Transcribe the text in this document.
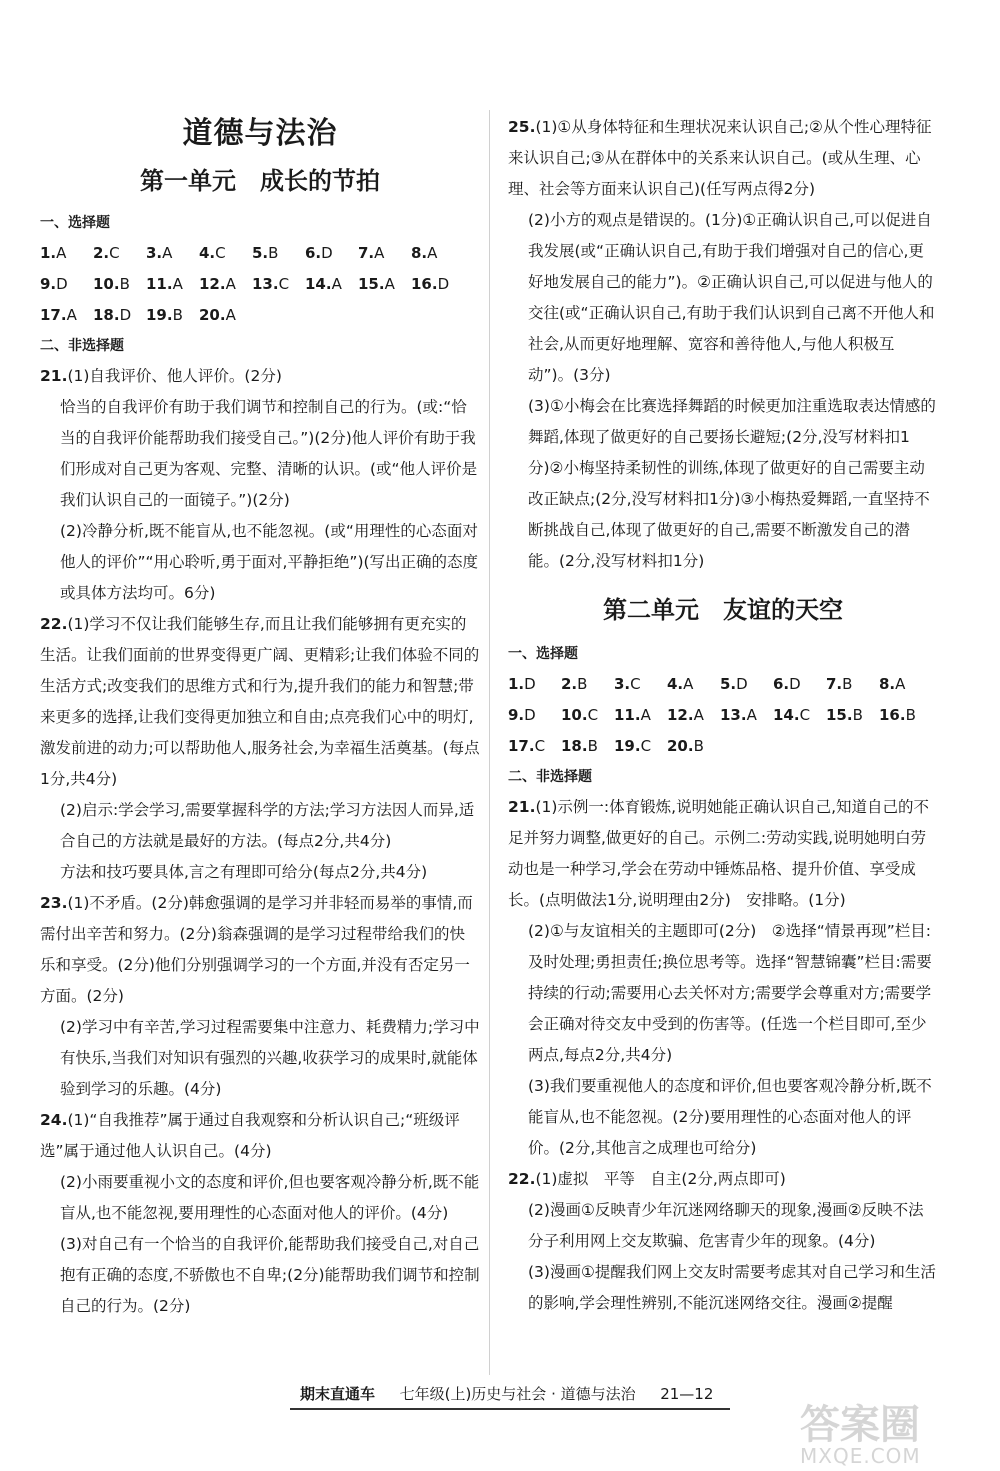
道德与法治
第一单元　成长的节拍
一、选择题
1.A	2.C	3.A	4.C	5.B	6.D	7.A	8.A
9.D	10.B	11.A	12.A	13.C	14.A	15.A	16.D
17.A	18.D 19.B	20.A
二、非选择题

21.(1)自我评价、他人评价。(2分)

恰当的自我评价有助于我们调节和控制自己的行为。(或:“恰当的自我评价能帮助我们接受自己。”)(2分)他人评价有助于我们形成对自己更为客观、完整、清晰的认识。(或“他人评价是我们认识自己的一面镜子。”)(2分)

(2)冷静分析,既不能盲从,也不能忽视。(或“用理性的心态面对他人的评价”“用心聆听,勇于面对,平静拒绝”)(写出正确的态度或具体方法均可。6分)

22.(1)学习不仅让我们能够生存,而且让我们能够拥有更充实的生活。让我们面前的世界变得更广阔、更精彩;让我们体验不同的生活方式;改变我们的思维方式和行为,提升我们的能力和智慧;带来更多的选择,让我们变得更加独立和自由;点亮我们心中的明灯,激发前进的动力;可以帮助他人,服务社会,为幸福生活奠基。(每点1分,共4分)

(2)启示:学会学习,需要掌握科学的方法;学习方法因人而异,适合自己的方法就是最好的方法。(每点2分,共4分)

方法和技巧要具体,言之有理即可给分(每点2分,共4分)

23.(1)不矛盾。(2分)韩愈强调的是学习并非轻而易举的事情,而需付出辛苦和努力。(2分)翁森强调的是学习过程带给我们的快乐和享受。(2分)他们分别强调学习的一个方面,并没有否定另一方面。(2分)

(2)学习中有辛苦,学习过程需要集中注意力、耗费精力;学习中有快乐,当我们对知识有强烈的兴趣,收获学习的成果时,就能体验到学习的乐趣。(4分)

24.(1)“自我推荐”属于通过自我观察和分析认识自己;“班级评选”属于通过他人认识自己。(4分)

(2)小雨要重视小文的态度和评价,但也要客观冷静分析,既不能盲从,也不能忽视,要用理性的心态面对他人的评价。(4分)

(3)对自己有一个恰当的自我评价,能帮助我们接受自己,对自己抱有正确的态度,不骄傲也不自卑;(2分)能帮助我们调节和控制自己的行为。(2分)

25.(1)①从身体特征和生理状况来认识自己;②从个性心理特征来认识自己;③从在群体中的关系来认识自己。(或从生理、心理、社会等方面来认识自己)(任写两点得2分)

(2)小方的观点是错误的。(1分)①正确认识自己,可以促进自我发展(或“正确认识自己,有助于我们增强对自己的信心,更好地发展自己的能力”)。②正确认识自己,可以促进与他人的交往(或“正确认识自己,有助于我们认识到自己离不开他人和社会,从而更好地理解、宽容和善待他人,与他人积极互动”)。(3分)

(3)①小梅会在比赛选择舞蹈的时候更加注重选取表达情感的舞蹈,体现了做更好的自己要扬长避短;(2分,没写材料扣1分)②小梅坚持柔韧性的训练,体现了做更好的自己需要主动改正缺点;(2分,没写材料扣1分)③小梅热爱舞蹈,一直坚持不断挑战自己,体现了做更好的自己,需要不断激发自己的潜能。(2分,没写材料扣1分)

第二单元　友谊的天空
一、选择题
1.D	2.B	3.C	4.A	5.D	6.D	7.B	8.A
9.D	10.C	11.A	12.A	13.A	14.C	15.B	16.B
17.C	18.B	19.C	20.B
二、非选择题

21.(1)示例一:体育锻炼,说明她能正确认识自己,知道自己的不足并努力调整,做更好的自己。示例二:劳动实践,说明她明白劳动也是一种学习,学会在劳动中锤炼品格、提升价值、享受成长。(点明做法1分,说明理由2分)　安排略。(1分)

(2)①与友谊相关的主题即可(2分)　②选择“情景再现”栏目:及时处理;勇担责任;换位思考等。选择“智慧锦囊”栏目:需要持续的行动;需要用心去关怀对方;需要学会尊重对方;需要学会正确对待交友中受到的伤害等。(任选一个栏目即可,至少两点,每点2分,共4分)

(3)我们要重视他人的态度和评价,但也要客观冷静分析,既不能盲从,也不能忽视。(2分)要用理性的心态面对他人的评价。(2分,其他言之成理也可给分)

22.(1)虚拟　平等　自主(2分,两点即可)

(2)漫画①反映青少年沉迷网络聊天的现象,漫画②反映不法分子利用网上交友欺骗、危害青少年的现象。(4分)

(3)漫画①提醒我们网上交友时需要考虑其对自己学习和生活的影响,学会理性辨别,不能沉迷网络交往。漫画②提醒

期末直通车 　 七年级(上)历史与社会 · 道德与法治 　 21—12
答案圈
MXQE.COM
